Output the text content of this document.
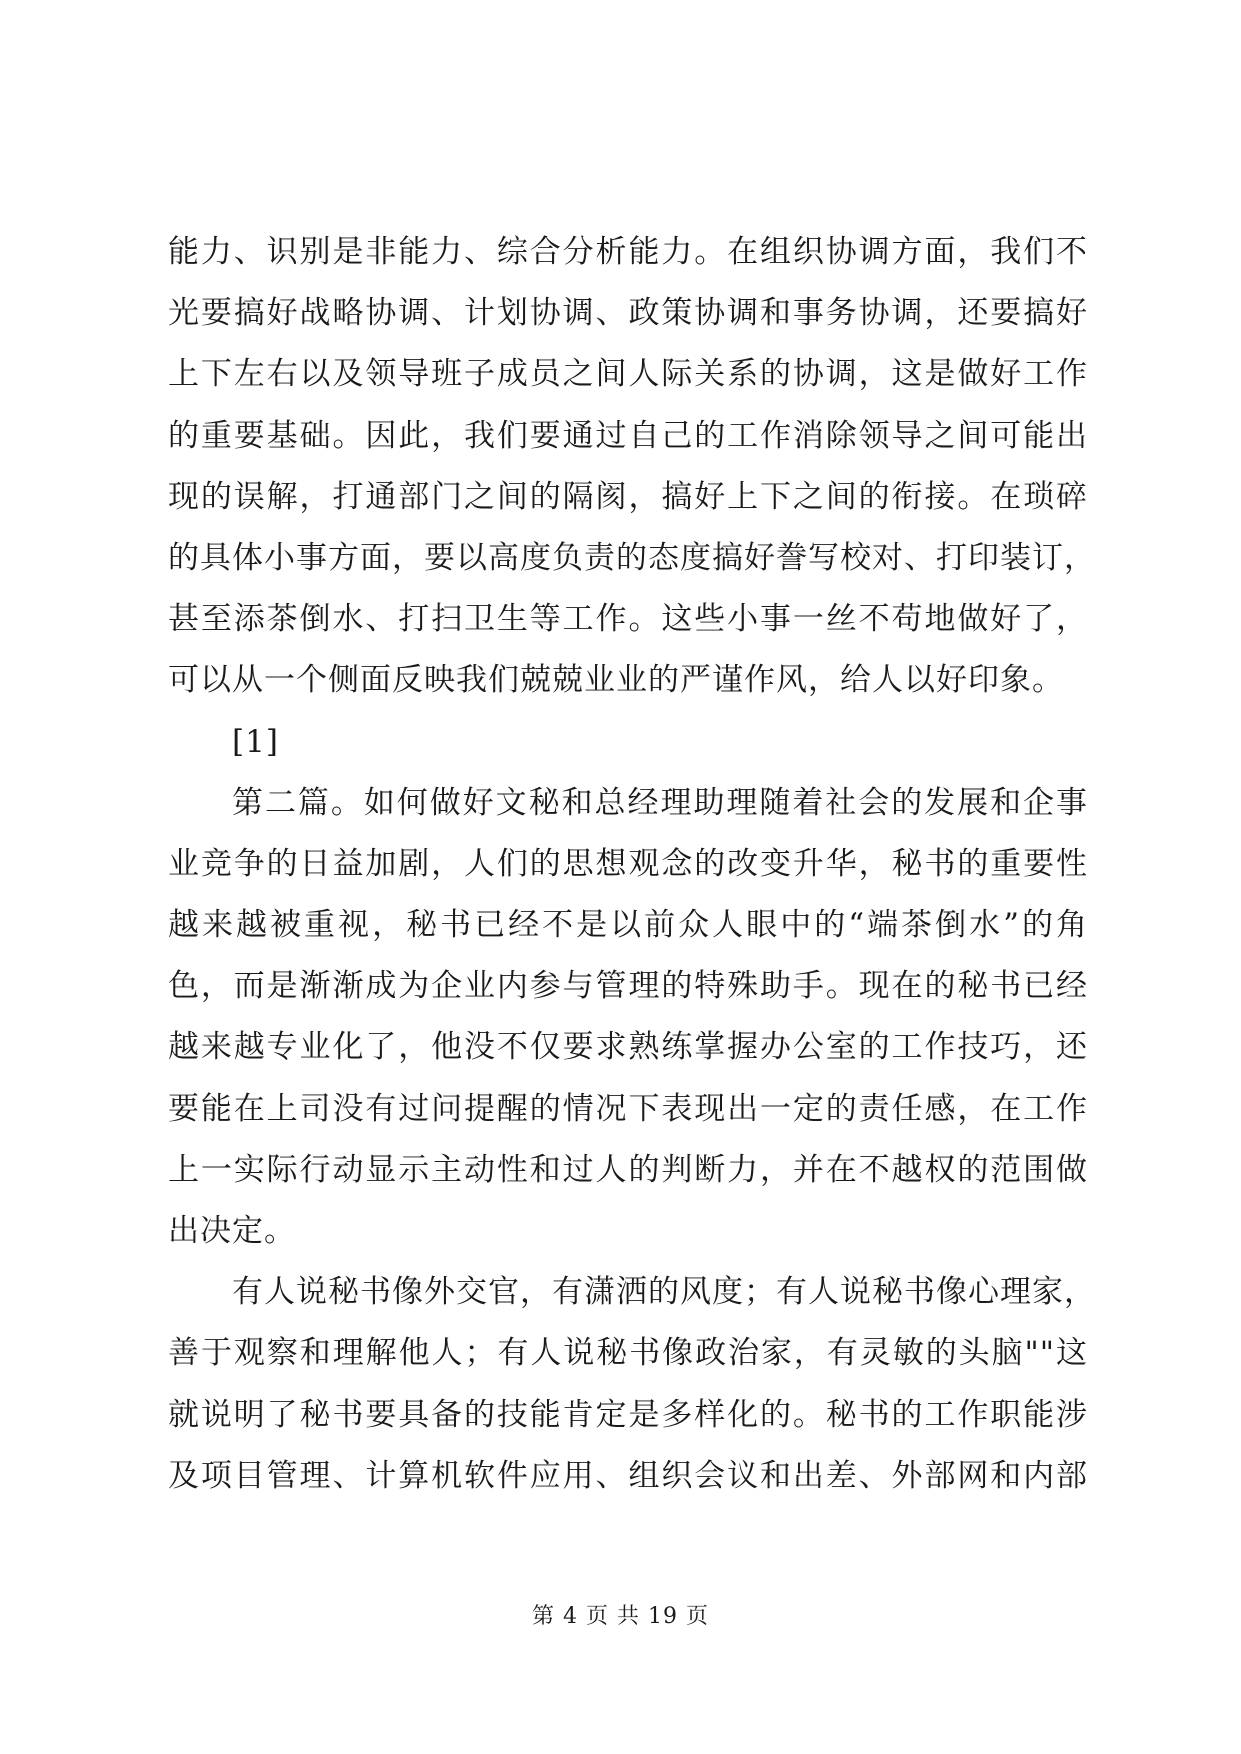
能力、识别是非能力、综合分析能力。在组织协调方面，我们不
光要搞好战略协调、计划协调、政策协调和事务协调，还要搞好
上下左右以及领导班子成员之间人际关系的协调，这是做好工作
的重要基础。因此，我们要通过自己的工作消除领导之间可能出
现的误解，打通部门之间的隔阂，搞好上下之间的衔接。在琐碎
的具体小事方面，要以高度负责的态度搞好誊写校对、打印装订，
甚至添茶倒水、打扫卫生等工作。这些小事一丝不苟地做好了，
可以从一个侧面反映我们兢兢业业的严谨作风，给人以好印象。
[1]
第二篇。如何做好文秘和总经理助理随着社会的发展和企事
业竞争的日益加剧，人们的思想观念的改变升华，秘书的重要性
越来越被重视，秘书已经不是以前众人眼中的“端茶倒水”的角
色，而是渐渐成为企业内参与管理的特殊助手。现在的秘书已经
越来越专业化了，他没不仅要求熟练掌握办公室的工作技巧，还
要能在上司没有过问提醒的情况下表现出一定的责任感，在工作
上一实际行动显示主动性和过人的判断力，并在不越权的范围做
出决定。
有人说秘书像外交官，有潇洒的风度；有人说秘书像心理家，
善于观察和理解他人；有人说秘书像政治家，有灵敏的头脑""这
就说明了秘书要具备的技能肯定是多样化的。秘书的工作职能涉
及项目管理、计算机软件应用、组织会议和出差、外部网和内部
第 4 页 共 19 页
